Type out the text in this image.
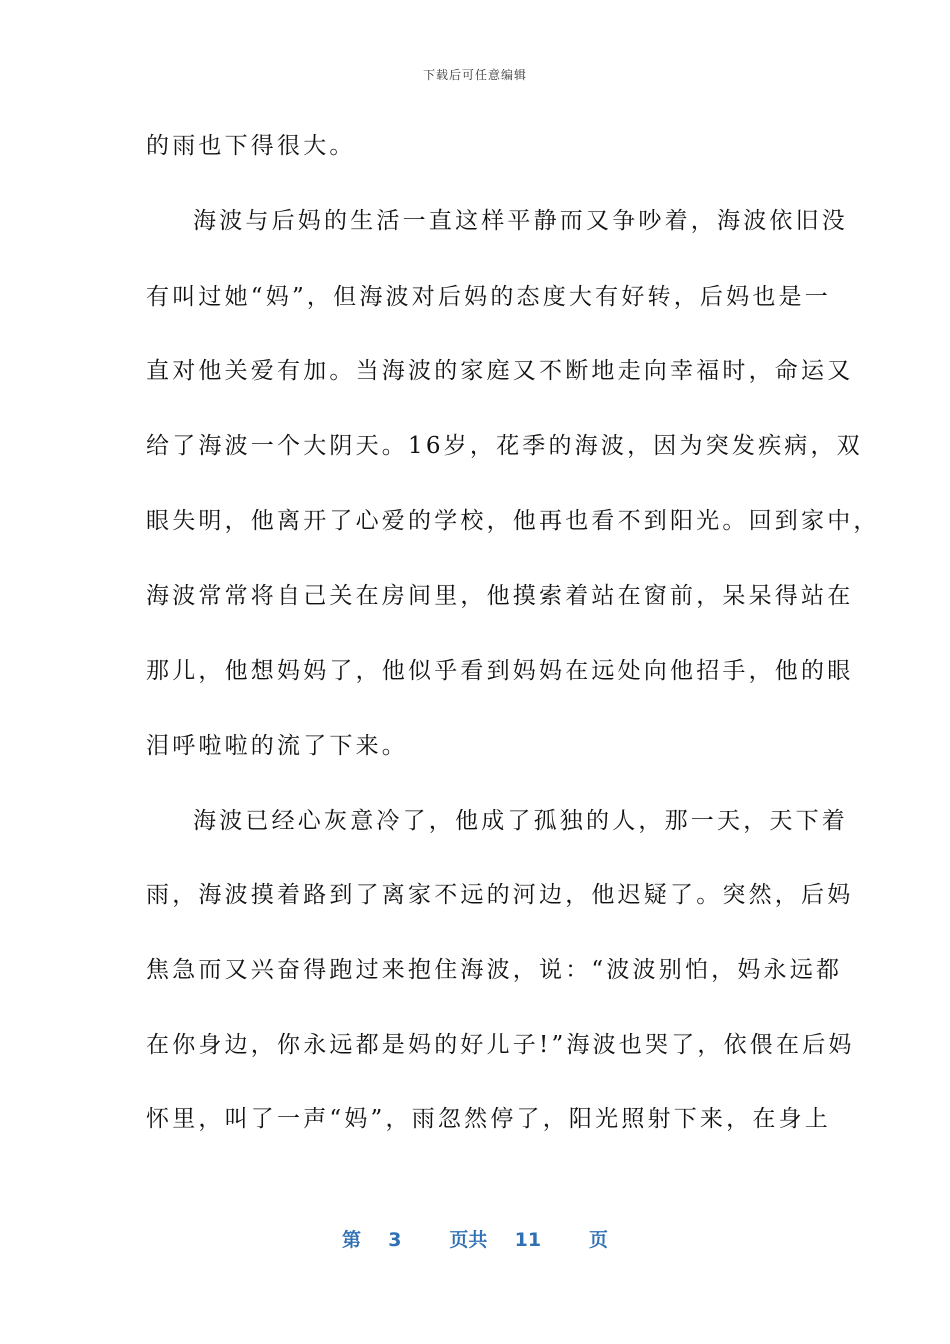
下载后可任意编辑
的雨也下得很大。
海波与后妈的生活一直这样平静而又争吵着，海波依旧没
有叫过她“妈”，但海波对后妈的态度大有好转，后妈也是一
直对他关爱有加。当海波的家庭又不断地走向幸福时，命运又
给了海波一个大阴天。16岁，花季的海波，因为突发疾病，双
眼失明，他离开了心爱的学校，他再也看不到阳光。回到家中，
海波常常将自己关在房间里，他摸索着站在窗前，呆呆得站在
那儿，他想妈妈了，他似乎看到妈妈在远处向他招手，他的眼
泪呼啦啦的流了下来。
海波已经心灰意冷了，他成了孤独的人，那一天，天下着
雨，海波摸着路到了离家不远的河边，他迟疑了。突然，后妈
焦急而又兴奋得跑过来抱住海波，说：“波波别怕，妈永远都
在你身边，你永远都是妈的好儿子!”海波也哭了，依偎在后妈
怀里，叫了一声“妈”，雨忽然停了，阳光照射下来，在身上
第 3	页共 11	页
